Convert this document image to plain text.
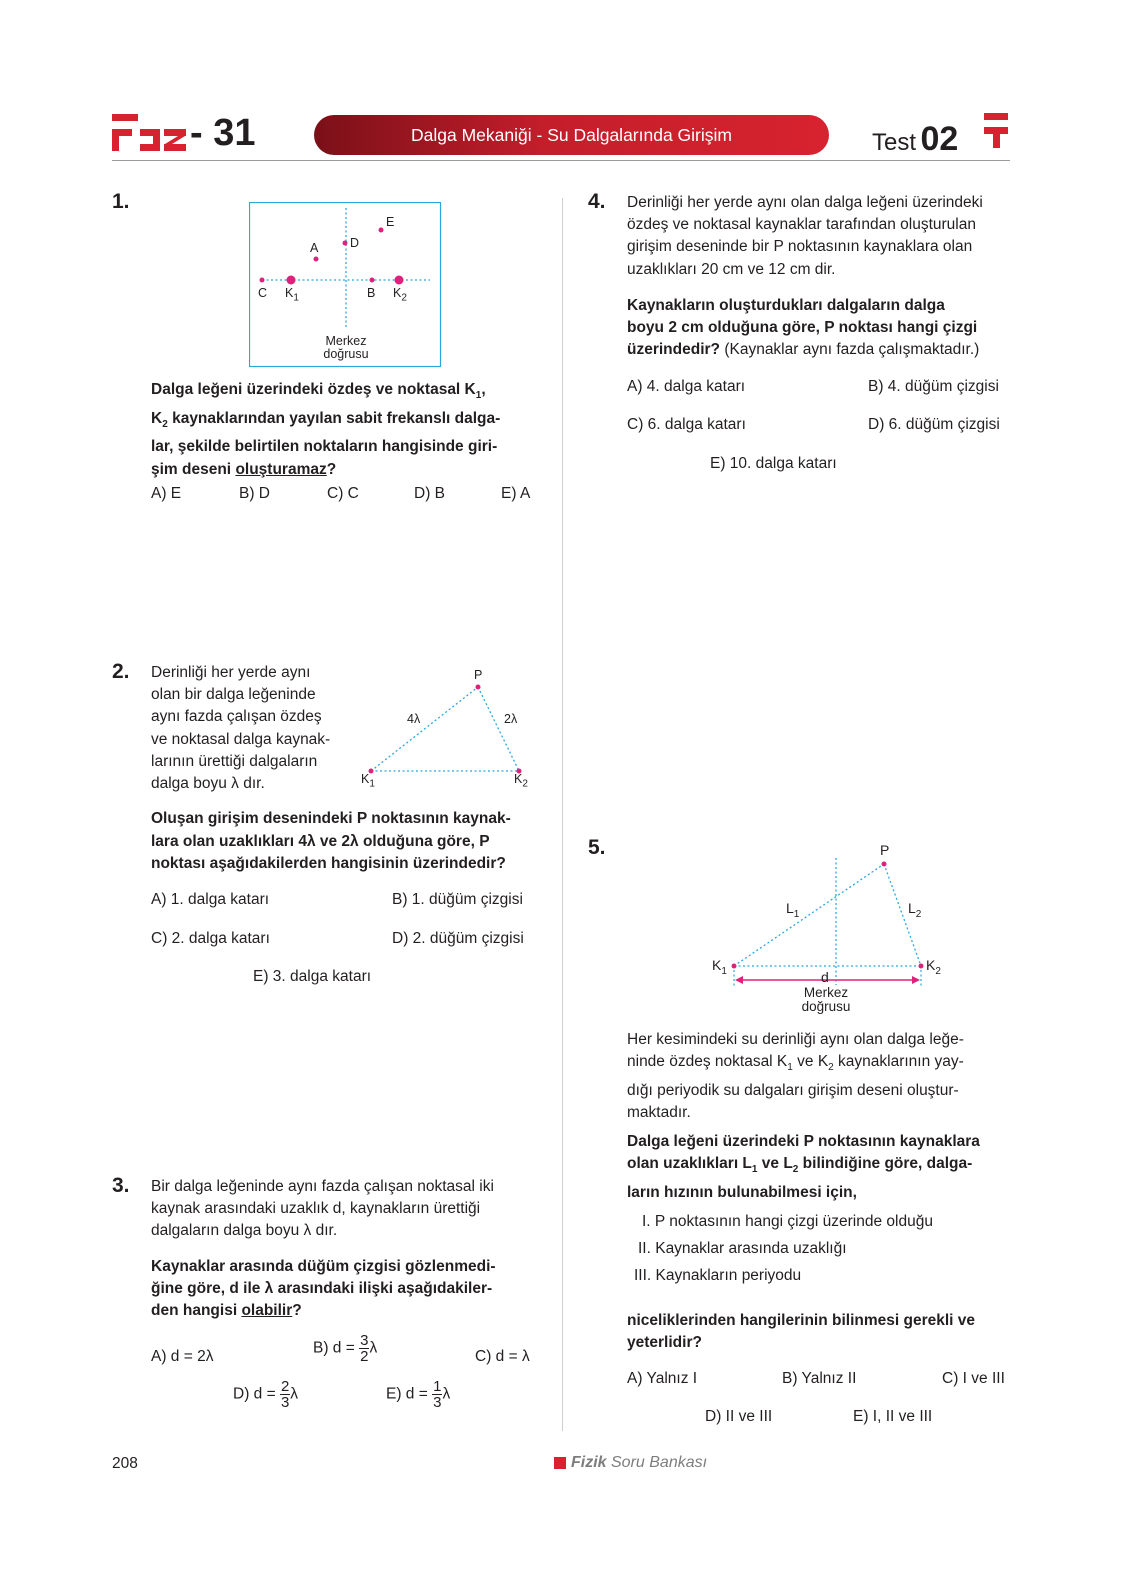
- 31	Dalga Mekaniği - Su Dalgalarında Girişim	Test 02
1.
E
A	D
C $K_1$	B $K_2$
Merkez
doğrusu
Dalga leğeni üzerindeki özdeş ve noktasal $K_1$,
$K_2$ kaynaklarından yayılan sabit frekanslı dalga-
lar, şekilde belirtilen noktaların hangisinde giri-
şim deseni oluşturamaz?
A) E	B) D	C) C	D) B	E) A
2. Derinliği her yerde aynı
olan bir dalga leğeninde
aynı fazda çalışan özdeş
ve noktasal dalga kaynak-
larının ürettiği dalgaların
dalga boyu λ dır.
P
4λ	2λ
$K_1$	$K_2$
Oluşan girişim desenindeki P noktasının kaynak-
lara olan uzaklıkları 4λ ve 2λ olduğuna göre, P
noktası aşağıdakilerden hangisinin üzerindedir?
A) 1. dalga katarı	B) 1. düğüm çizgisi
C) 2. dalga katarı	D) 2. düğüm çizgisi
E) 3. dalga katarı
3. Bir dalga leğeninde aynı fazda çalışan noktasal iki
kaynak arasındaki uzaklık d, kaynakların ürettiği
dalgaların dalga boyu λ dır.
Kaynaklar arasında düğüm çizgisi gözlenmedi-
ğine göre, d ile λ arasındaki ilişki aşağıdakiler-
den hangisi olabilir?
A) d = 2λ	B) $d = \frac{3}{2}$ λ	C) d = λ
D) $d = \frac{2}{3}$ λ	E) $d = \frac{1}{3}$ λ
4. Derinliği her yerde aynı olan dalga leğeni üzerindeki
özdeş ve noktasal kaynaklar tarafından oluşturulan
girişim deseninde bir P noktasının kaynaklara olan
uzaklıkları 20 cm ve 12 cm dir.
Kaynakların oluşturdukları dalgaların dalga
boyu 2 cm olduğuna göre, P noktası hangi çizgi
üzerindedir? (Kaynaklar aynı fazda çalışmaktadır.)
A) 4. dalga katarı	B) 4. düğüm çizgisi
C) 6. dalga katarı	D) 6. düğüm çizgisi
E) 10. dalga katarı
5.	P
$L_1$	$L_2$
$K_1$	$K_2$
d
Merkez
doğrusu
Her kesimindeki su derinliği aynı olan dalga leğe-
ninde özdeş noktasal $K_1$ ve $K_2$ kaynaklarının yay-
dığı periyodik su dalgaları girişim deseni oluştur-
maktadır.
Dalga leğeni üzerindeki P noktasının kaynaklara
olan uzaklıkları $L_1$ ve $L_2$ bilindiğine göre, dalga-
ların hızının bulunabilmesi için,
I. P noktasının hangi çizgi üzerinde olduğu
II. Kaynaklar arasında uzaklığı
III. Kaynakların periyodu
niceliklerinden hangilerinin bilinmesi gerekli ve
yeterlidir?
A) Yalnız I	B) Yalnız II	C) I ve III
D) II ve III	E) I, II ve III
208	Fizik Soru Bankası
